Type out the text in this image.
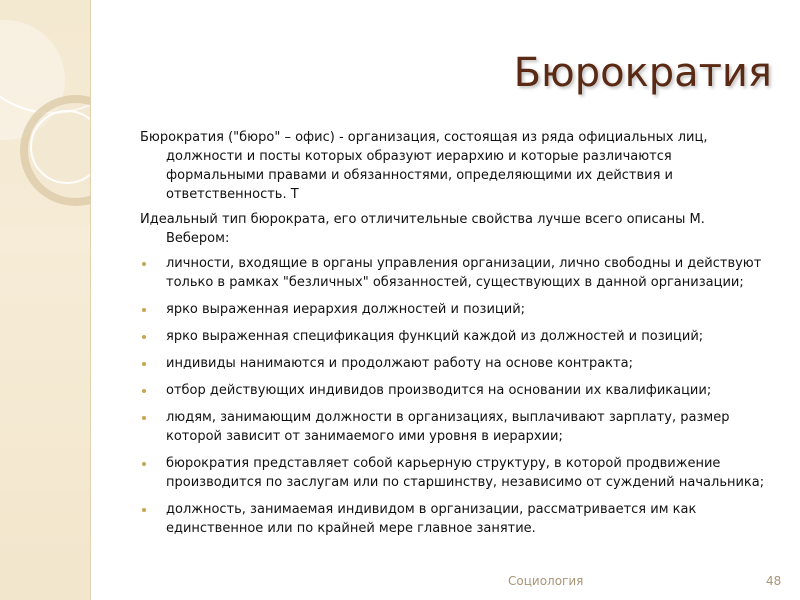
Бюрократия

Бюрократия ("бюро" – офис) - организация, состоящая из ряда официальных лиц, должности и посты которых образуют иерархию и которые различаются формальными правами и обязанностями, определяющими их действия и ответственность. Т

Идеальный тип бюрократа, его отличительные свойства лучше всего описаны М. Вебером:

личности, входящие в органы управления организации, лично свободны и действуют только в рамках "безличных" обязанностей, существующих в данной организации;
ярко выраженная иерархия должностей и позиций;
ярко выраженная спецификация функций каждой из должностей и позиций;
индивиды нанимаются и продолжают работу на основе контракта;
отбор действующих индивидов производится на основании их квалификации;
людям, занимающим должности в организациях, выплачивают зарплату, размер которой зависит от занимаемого ими уровня в иерархии;
бюрократия представляет собой карьерную структуру, в которой продвижение производится по заслугам или по старшинству, независимо от суждений начальника;
должность, занимаемая индивидом в организации, рассматривается им как единственное или по крайней мере главное занятие.
Социология	48
